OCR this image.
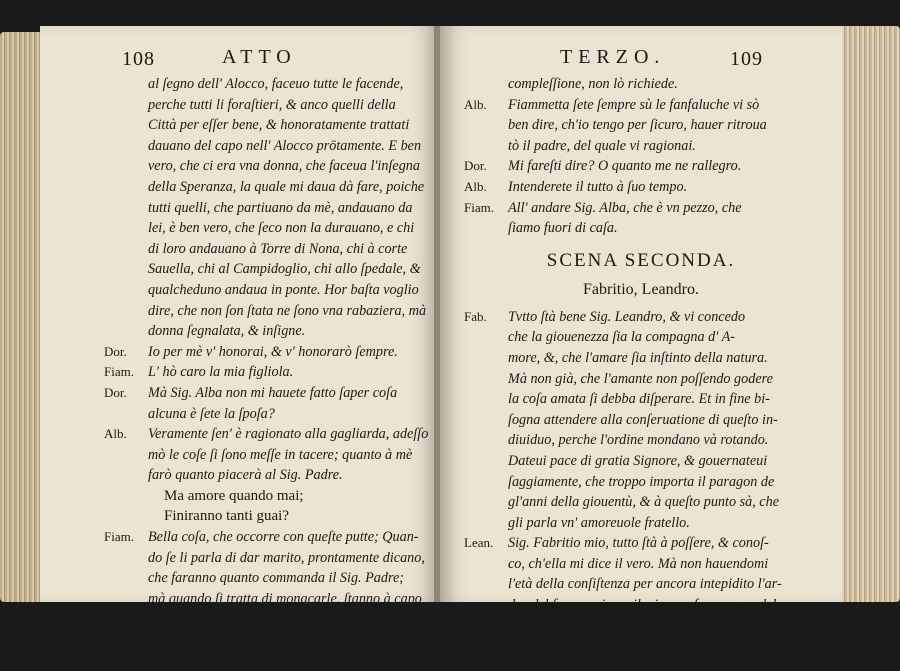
108	ATTO
al ſegno dell' Alocco, faceuo tutte le facende,
perche tutti li foraſtieri, & anco quelli della
Città per eſſer bene, & honoratamente trattati
dauano del capo nell' Alocco prōtamente. E ben
vero, che ci era vna donna, che faceua l'inſegna
della Speranza, la quale mi daua dà fare, poiche
tutti quelli, che partiuano da mè, andauano da
lei, è ben vero, che ſeco non la durauano, e chi
di loro andauano à Torre di Nona, chi à corte
Sauella, chi al Campidoglio, chi allo ſpedale, &
qualcheduno andaua in ponte. Hor baſta voglio
dire, che non ſon ſtata ne ſono vna rabaziera, mà
donna ſegnalata, & inſigne.
Dor. Io per mè v' honorai, & v' honorarò ſempre.
Fiam. L' hò caro la mia figliola.
Dor. Mà Sig. Alba non mi hauete fatto ſaper coſa
alcuna è ſete la ſpoſa?
Alb. Veramente ſen' è ragionato alla gagliarda, adeſſo
mò le coſe ſi ſono meſſe in tacere; quanto à mè
farò quanto piacerà al Sig. Padre.
Ma amore quando mai;
Finiranno tanti guai?
Fiam. Bella coſa, che occorre con queſte putte; Quan-
do ſe li parla di dar marito, prontamente dicano,
che faranno quanto commanda il Sig. Padre;
mà quando ſi tratta di monacarle, ſtanno à capo
baſſo moſtrando molta modeſtia, e ſe ſono ricer-
cate di conſenſo; dicano, che la loro debile
compleſſione
TERZO.	109
compleſſione, non lò richiede.
Alb. Fiammetta ſete ſempre sù le fanfaluche vi sò
ben dire, ch'io tengo per ſicuro, hauer ritroua
tò il padre, del quale vi ragionai.
Dor. Mi fareſti dire? O quanto me ne rallegro.
Alb. Intenderete il tutto à ſuo tempo.
Fiam. All' andare Sig. Alba, che è vn pezzo, che
ſiamo fuori di caſa.
SCENA SECONDA.
Fabritio, Leandro.
Fab. Tvtto ſtà bene Sig. Leandro, & vi concedo
che la giouenezza ſia la compagna d' A-
more, &, che l'amare ſia inſtinto della natura.
Mà non già, che l'amante non poſſendo godere
la coſa amata ſi debba diſperare. Et in fine bi-
ſogna attendere alla conſeruatione di queſto in-
diuiduo, perche l'ordine mondano và rotando.
Dateui pace di gratia Signore, & gouernateui
ſaggiamente, che troppo importa il paragon de
gl'anni della giouentù, & à queſto punto sà, che
gli parla vn' amoreuole fratello.
Lean. Sig. Fabritio mio, tutto ſtà à poſſere, & conoſ-
co, ch'ella mi dice il vero. Mà non hauendomi
l'età della conſiſtenza per ancora intepidito l'ar-
dor del ſangue giouenile, io non ſon capace del
conſiglio
